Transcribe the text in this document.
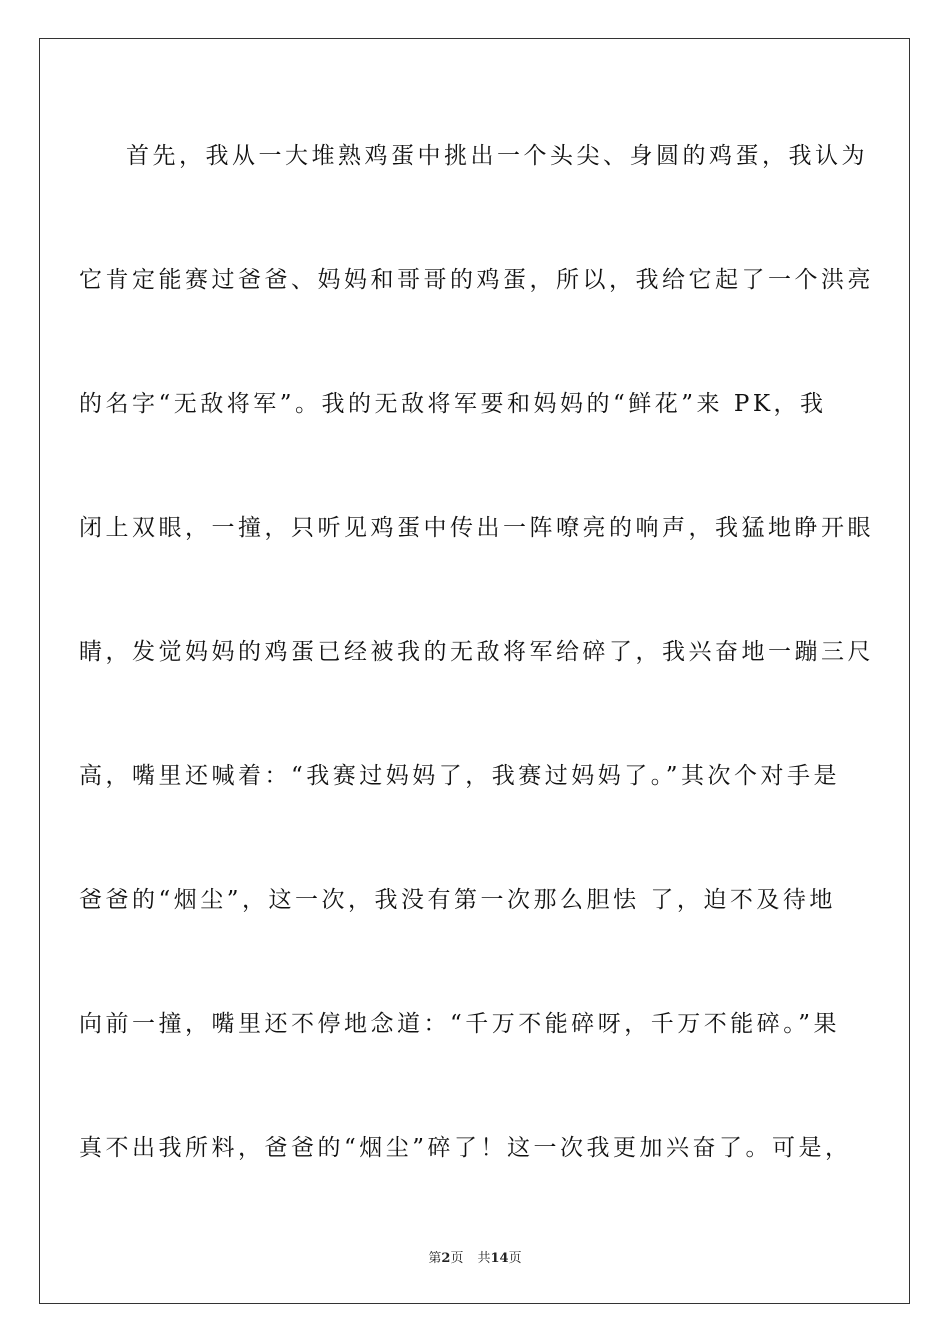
首先，我从一大堆熟鸡蛋中挑出一个头尖、身圆的鸡蛋，我认为
它肯定能赛过爸爸、妈妈和哥哥的鸡蛋，所以，我给它起了一个洪亮
的名字“无敌将军”。我的无敌将军要和妈妈的“鲜花”来 PK，我
闭上双眼，一撞，只听见鸡蛋中传出一阵嘹亮的响声，我猛地睁开眼
睛，发觉妈妈的鸡蛋已经被我的无敌将军给碎了，我兴奋地一蹦三尺
高，嘴里还喊着：“我赛过妈妈了，我赛过妈妈了。”其次个对手是
爸爸的“烟尘”，这一次，我没有第一次那么胆怯 了，迫不及待地
向前一撞，嘴里还不停地念道：“千万不能碎呀，千万不能碎。”果
真不出我所料，爸爸的“烟尘”碎了！这一次我更加兴奋了。可是，
第2页 共14页
